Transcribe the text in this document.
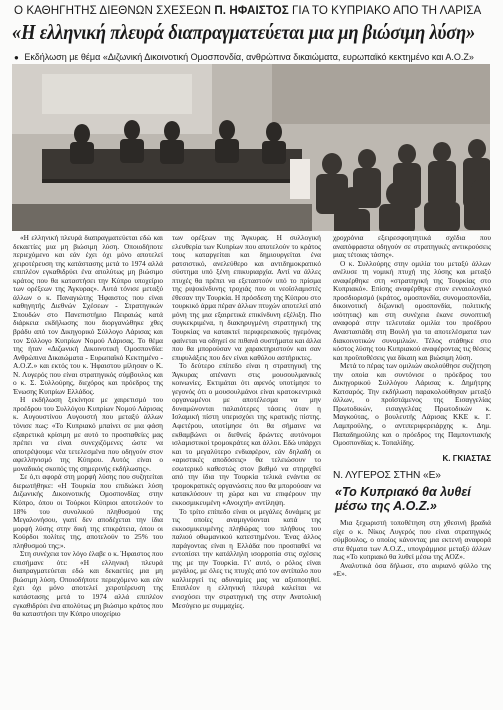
Ο ΚΑΘΗΓΗΤΗΣ ΔΙΕΘΝΩΝ ΣΧΕΣΕΩΝ Π. ΗΦΑΙΣΤΟΣ ΓΙΑ ΤΟ ΚΥΠΡΙΑΚΟ ΑΠΟ ΤΗ ΛΑΡΙΣΑ
«Η ελληνική πλευρά διαπραγματεύεται μια μη βιώσιμη λύση»
● Εκδήλωση με θέμα «Διζωνική Δικοινοτική Ομοσπονδία, ανθρώπινα δικαιώματα, ευρωπαϊκό κεκτημένο και Α.Ο.Ζ»

«Η ελληνική πλευρά διαπραγματεύεται εδώ και δεκαετίες μια μη βιώσιμη λύση. Οποιοδήποτε περιεχόμενο και εάν έχει όχι μόνο αποτελεί χειροτέρευση της κατάστασης μετά το 1974 αλλά επιπλέον εγκαθιδρύει ένα απολύτως μη βιώσιμο κράτος που θα καταστήσει την Κύπρο υποχείριο των ορέξεων της Άγκυρας». Αυτά τόνισε μεταξύ άλλων ο κ. Παναγιώτης Ήφαιστος που είναι καθηγητής Διεθνών Σχέσεων - Στρατηγικών Σπουδών στο Πανεπιστήμιο Πειραιώς κατά διάρκεια εκδήλωσης που διοργανώθηκε χθες βράδυ από τον Δικηγορικό Σύλλογο Λάρισας και τον Σύλλογο Κυπρίων Νομού Λάρισας. Το θέμα της ήταν «Διζωνική Δικοινοτική Ομοσπονδία: Ανθρώπινα Δικαιώματα - Ευρωπαϊκό Κεκτημένο - Α.Ο.Ζ.» και εκτός του κ. Ήφαιστου μίλησαν ο Κ. Ν. Λυγερός που είναι στρατηγικός σύμβουλος και ο κ. Σ. Συλλούρης, διεχόρος και πρόεδρος της Ένωσης Κυπρίων Ελλάδος.

Η εκδήλωση ξεκίνησε με χαιρετισμό του προέδρου του Συλλόγου Κυπρίων Νομού Λάρισας κ. Αυγουστίνου Αυγουστή που μεταξύ άλλων τόνισε πως: «Το Κυπριακό μπαίνει σε μια φάση εξαιρετικά κρίσιμη με αυτό το προσπαθείες μας πρέπει να είναι συνεχιζόμενες ώστε να αποτρέψουμε νέα τετελεσμένα που οδηγούν στον αφελληνισμό της Κύπρου. Αυτός είναι ο μοναδικός σκοπός της σημερινής εκδήλωσης».

Σε ό,τι αφορά στη μορφή λύσης που συζητείται διερωτήθηκε: «Η Τουρκία που επιδιώκει λύση Διζωνικής Δικοινοτικής Ομοσπονδίας στην Κύπρο, όπου οι Τούρκοι Κύπριοι αποτελούν το 18% του συνολικού πληθυσμού της Μεγαλονήσου, γιατί δεν αποδέχεται την ίδια μορφή λύσης στην δική της επικράτεια, όπου οι Κούρδοι πολίτες της, αποτελούν το 25% του πληθυσμού της;».

Στη συνέχεια τον λόγο έλαβε ο κ. Ήφαιστος που επισήμανε ότι: «Η ελληνική πλευρά διαπραγματεύεται εδώ και δεκαετίες μια μη βιώσιμη λύση. Οποιοδήποτε περιεχόμενο και εάν έχει όχι μόνο αποτελεί χειροτέρευση της κατάστασης μετά το 1974 αλλά επιπλέον εγκαθιδρύει ένα απολύτως μη βιώσιμο κράτος που θα καταστήσει την Κύπρο υποχείριο

των ορέξεων της Άγκυρας. Η συλλογική ελευθερία των Κυπρίων που αποτελούν το κράτος τους καταργείται και δημιουργείται ένα ρατσιστικό, ανελεύθερο και αντιδημοκρατικό σύστημα υπό ξένη επικυριαρχία. Αντί να άλλες πτυχές θα πρέπει να εξεταστούν υπό το πρίσμα της ριψοκίνδυνης τροχιάς που οι νεοϊσλαμιστές έθεσαν την Τουρκία. Η πρόσδεση της Κύπρου στο τουρκικό άρμα πέραν άλλων πτυχών αποτελεί από μόνη της μια εξαιρετικά επικίνδυνη εξέλιξη. Πιο συγκεκριμένα, η διακηρυγμένη στρατηγική της Τουρκίας να κατακτεί περιφερειακούς ηγεμόνας φαίνεται να οδηγεί σε πιθανά συστήματα και άλλα που θα μπορούσαν να χαρακτηριστούν και σαν επιφυλάξεις που δεν είναι καθόλου αστήρικτες.

Το δεύτερο επίπεδο είναι η στρατηγική της Άγκυρας απέναντι στις μουσουλμανικές κοινωνίες. Εκτιμάται ότι αφενός υποτίμησε το γεγονός ότι ο μουσουλμάνοι είναι κρατοκεντρικά οργανωμένοι με αποτέλεσμα να μην δυναμώνονται παλαιότερες τάσεις όταν η Ισλαμική πίστη υπερισχύει της κρατικής πίστης. Αφετέρου, υποτίμησε ότι θα σήμαινε να εκθαμβώνει οι διεθνείς δρώντες αυτόνομοι ισλαμιστικοί τρομοκράτες και άλλοι. Εδώ υπάρχει και το μεγαλύτερο ενδιαφέρον, εάν δηλαδή οι «αριστικές αποδόσεις» θα τελειώσουν το εσωτερικό καθεστώς στον βαθμό να στηριχθεί από την ίδια την Τουρκία τελικά ενάντια σε τρομοκρατικές οργανώσεις που θα μπορούσαν να κατακλύσουν τη χώρα και να επιφέρουν την εκκοσμικευμένη «Ανοιχτή» αντίληψη.

Το τρίτο επίπεδο είναι οι μεγάλες δυνάμεις με τις οποίες αναμιγνύονται κατά της εκκοσμικευμένης πληθώρας του πλήθους του παλιού οθωμανικού κατεστημένου. Ένας άλλος παράγοντας είναι η Ελλάδα που προσπαθεί να εντοπίσει την κατάλληλη ισορροπία στις σχέσεις της με την Τουρκία. Γι' αυτό, ο ρόλος είναι μεγάλος, με όλες τις πτυχές από τον αντίπαλο που καλλιεργεί τις αδυναμίες μας να αξιοποιηθεί. Επιπλέον η ελληνική πλευρά καλείται να ενισχύσει την στρατηγική της στην Ανατολική Μεσόγειο με συμμαχίες.

χροχρόνια εξειρεσφοητητικά σχέδια που αναπόφραστα οδηγούν σε στρατηγικές αντικρούσεις μιας τέτοιας τάσης».

Ο κ. Συλλούρης στην ομιλία του μεταξύ άλλων ανέλυσε τη νομική πτυχή της λύσης και μεταξύ αναφέρθηκε στη «στρατηγική της Τουρκίας στο Κυπριακό». Επίσης αναφέρθηκε στον ενναιολογικό προσδιορισμό (κράτος, ομοσπονδία, συνομοσπονδία, δικοινοτική διζωνική ομοσπονδία, πολιτικής ισότητας) και στη συνέχεια έκανε συνοπτική αναφορά στην τελευταία ομιλία του προέδρου Αναστασιάδη στη Βουλή για τα αποτελέσματα των διακοινοτικών συνομιλιών. Τέλος στάθηκε στο κόστος λύσης του Κυπριακού αναφέροντας τις θέσεις και προϋποθέσεις για δίκαιη και βιώσιμη λύση.

Μετά το πέρας των ομιλιών ακολούθησε συζήτηση την οποία και συντόνισε ο πρόεδρος του Δικηγορικού Συλλόγου Λάρισας κ. Δημήτρης Κατσαρός. Την εκδήλωση παρακολούθησαν μεταξύ άλλων, ο προϊστάμενος της Εισαγγελίας Πρωτοδικών, εισαγγελέας Πρωτοδικών κ. Μαγκούτας, ο βουλευτής Λάρισας ΚΚΕ κ. Γ. Λαμπρούλης, ο αντιπεριφερειάρχης κ. Δημ. Παπαδημούλης και ο πρόεδρος της Παμποντιακής Ομοσπονδίας κ. Τοπαλίδης.

Κ. ΓΚΙΑΣΤΑΣ
Ν. ΛΥΓΕΡΟΣ ΣΤΗΝ «Ε»
«Το Κυπριακό θα λυθεί μέσω της Α.Ο.Ζ.»

Μια ξεχωριστή τοποθέτηση στη χθεσινή βραδιά είχε ο κ. Νίκος Λυγερός που είναι στρατηγικός σύμβουλος, ο οποίος κάνοντας μια εκτενή αναφορά στα θέματα των Α.Ο.Ζ., υπογράμμισε μεταξύ άλλων πως «Το κυπριακό θα λυθεί μέσω της ΑΟΖ».

Αναλυτικά όσα δήλωσε, στο αυριανό φύλλο της «Ε».
